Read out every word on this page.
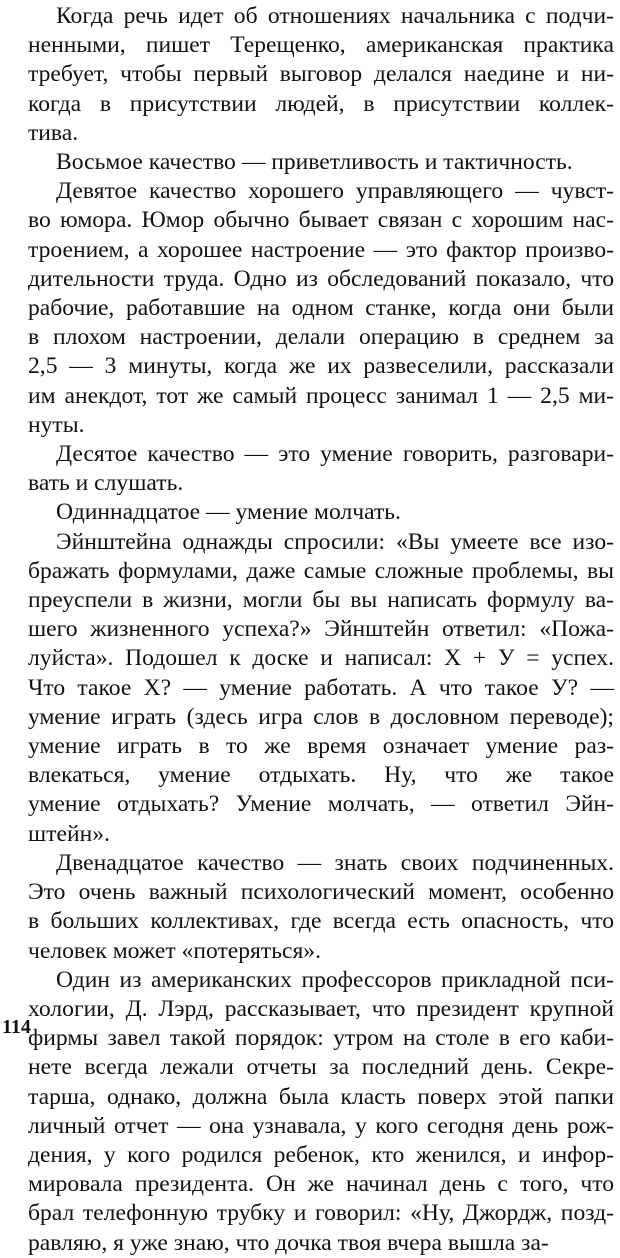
Когда речь идет об отношениях начальника с подчи-
ненными, пишет Терещенко, американская практика
требует, чтобы первый выговор делался наедине и ни-
когда в присутствии людей, в присутствии коллек-
тива.
Восьмое качество — приветливость и тактичность.
Девятое качество хорошего управляющего — чувст-
во юмора. Юмор обычно бывает связан с хорошим нас-
троением, а хорошее настроение — это фактор произво-
дительности труда. Одно из обследований показало, что
рабочие, работавшие на одном станке, когда они были
в плохом настроении, делали операцию в среднем за
2,5 — 3 минуты, когда же их развеселили, рассказали
им анекдот, тот же самый процесс занимал 1 — 2,5 ми-
нуты.
Десятое качество — это умение говорить, разговари-
вать и слушать.
Одиннадцатое — умение молчать.
Эйнштейна однажды спросили: «Вы умеете все изо-
бражать формулами, даже самые сложные проблемы, вы
преуспели в жизни, могли бы вы написать формулу ва-
шего жизненного успеха?» Эйнштейн ответил: «Пожа-
луйста». Подошел к доске и написал: X + У = успех.
Что такое X? — умение работать. А что такое У? —
умение играть (здесь игра слов в дословном переводе);
умение играть в то же время означает умение раз-
влекаться, умение отдыхать. Ну, что же такое
умение отдыхать? Умение молчать, — ответил Эйн-
штейн».
Двенадцатое качество — знать своих подчиненных.
Это очень важный психологический момент, особенно
в больших коллективах, где всегда есть опасность, что
человек может «потеряться».
Один из американских профессоров прикладной пси-
хологии, Д. Лэрд, рассказывает, что президент крупной
фирмы завел такой порядок: утром на столе в его каби-
нете всегда лежали отчеты за последний день. Секре-
тарша, однако, должна была класть поверх этой папки
личный отчет — она узнавала, у кого сегодня день рож-
дения, у кого родился ребенок, кто женился, и инфор-
мировала президента. Он же начинал день с того, что
брал телефонную трубку и говорил: «Ну, Джордж, позд-
равляю, я уже знаю, что дочка твоя вчера вышла за-
114
